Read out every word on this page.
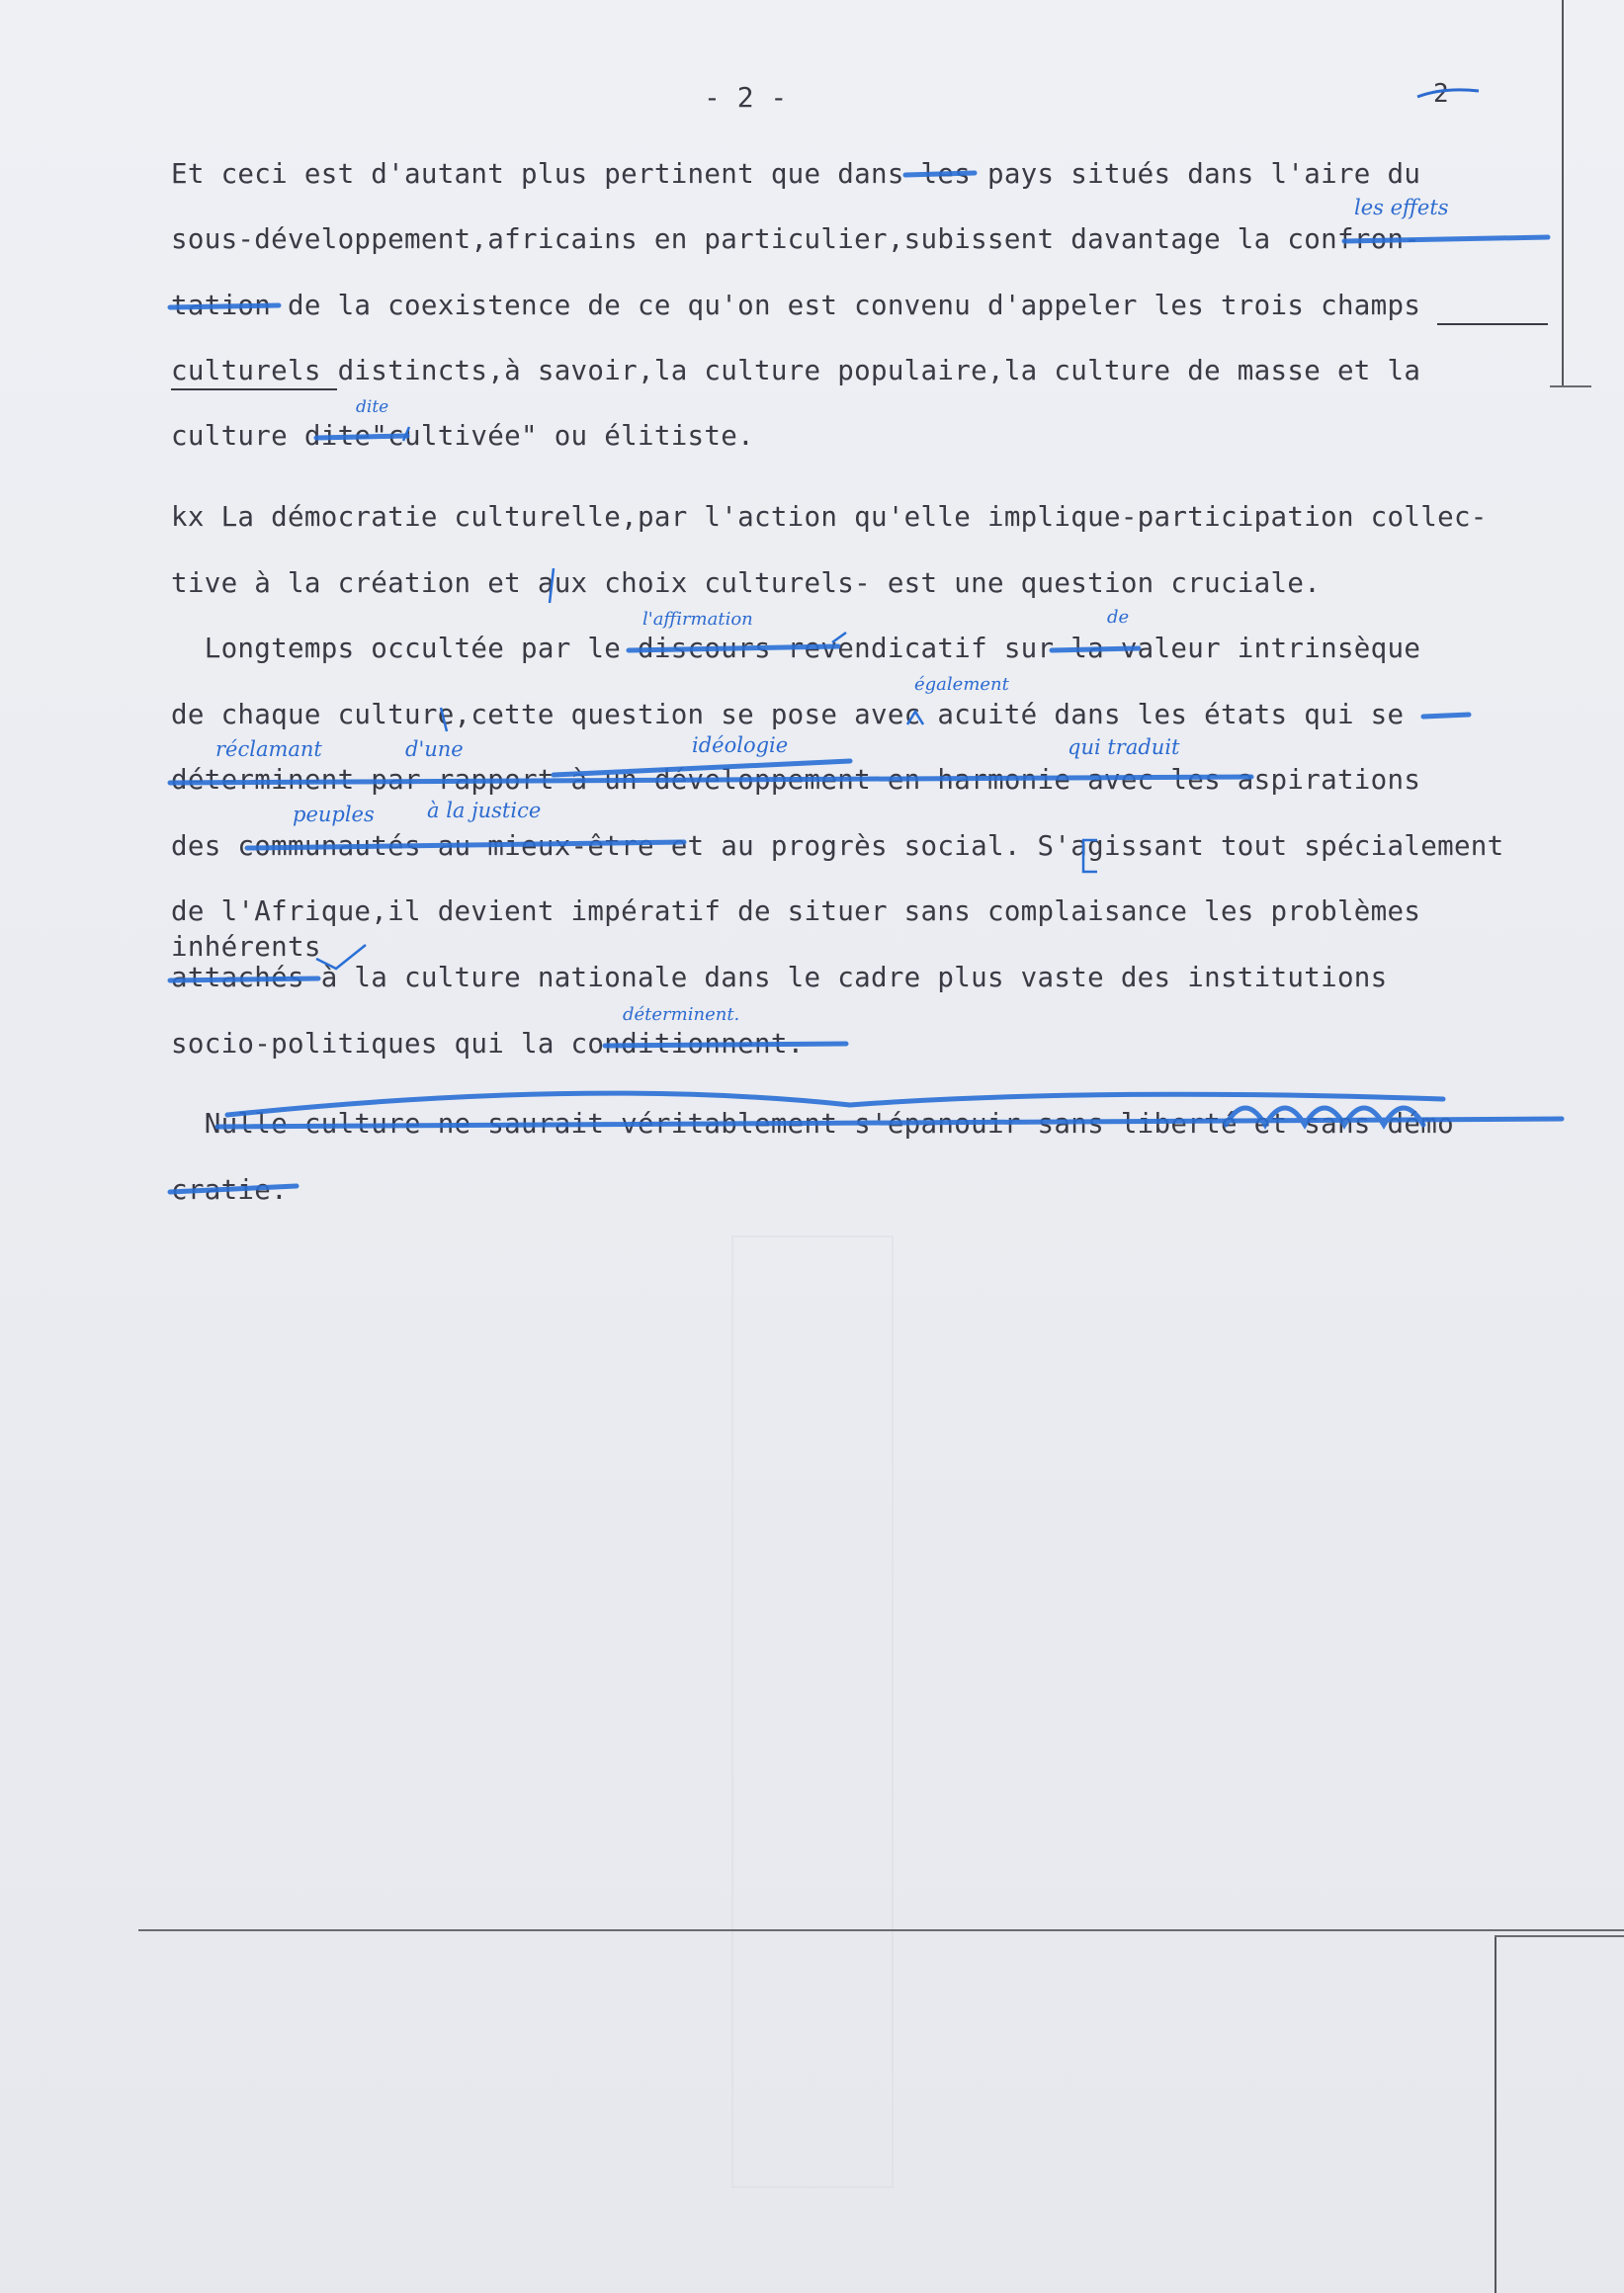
- 2 -	2
Et ceci est d'autant plus pertinent que dans les pays situés dans l'aire du
sous-développement,africains en particulier,subissent davantage la confron-
tation de la coexistence de ce qu'on est convenu d'appeler les trois champs
culturels distincts,à savoir,la culture populaire,la culture de masse et la
culture dite"cultivée" ou élitiste.
kx La démocratie culturelle,par l'action qu'elle implique-participation collec-
tive à la création et aux choix culturels- est une question cruciale.
Longtemps occultée par le discours revendicatif sur la valeur intrinsèque
de chaque culture,cette question se pose avec acuité dans les états qui se
déterminent par rapport à un développement en harmonie avec les aspirations
des communautés au mieux-être et au progrès social. S'agissant tout spécialement
de l'Afrique,il devient impératif de situer sans complaisance les problèmes
inhérents
attachés à la culture nationale dans le cadre plus vaste des institutions
socio-politiques qui la conditionnent.
Nulle culture ne saurait véritablement s'épanouir sans liberté et sans démo
cratie.
les effets
dite
l'affirmation	de
également
réclamant	d'une	idéologie	qui traduit
peuples	à la justice
déterminent.
